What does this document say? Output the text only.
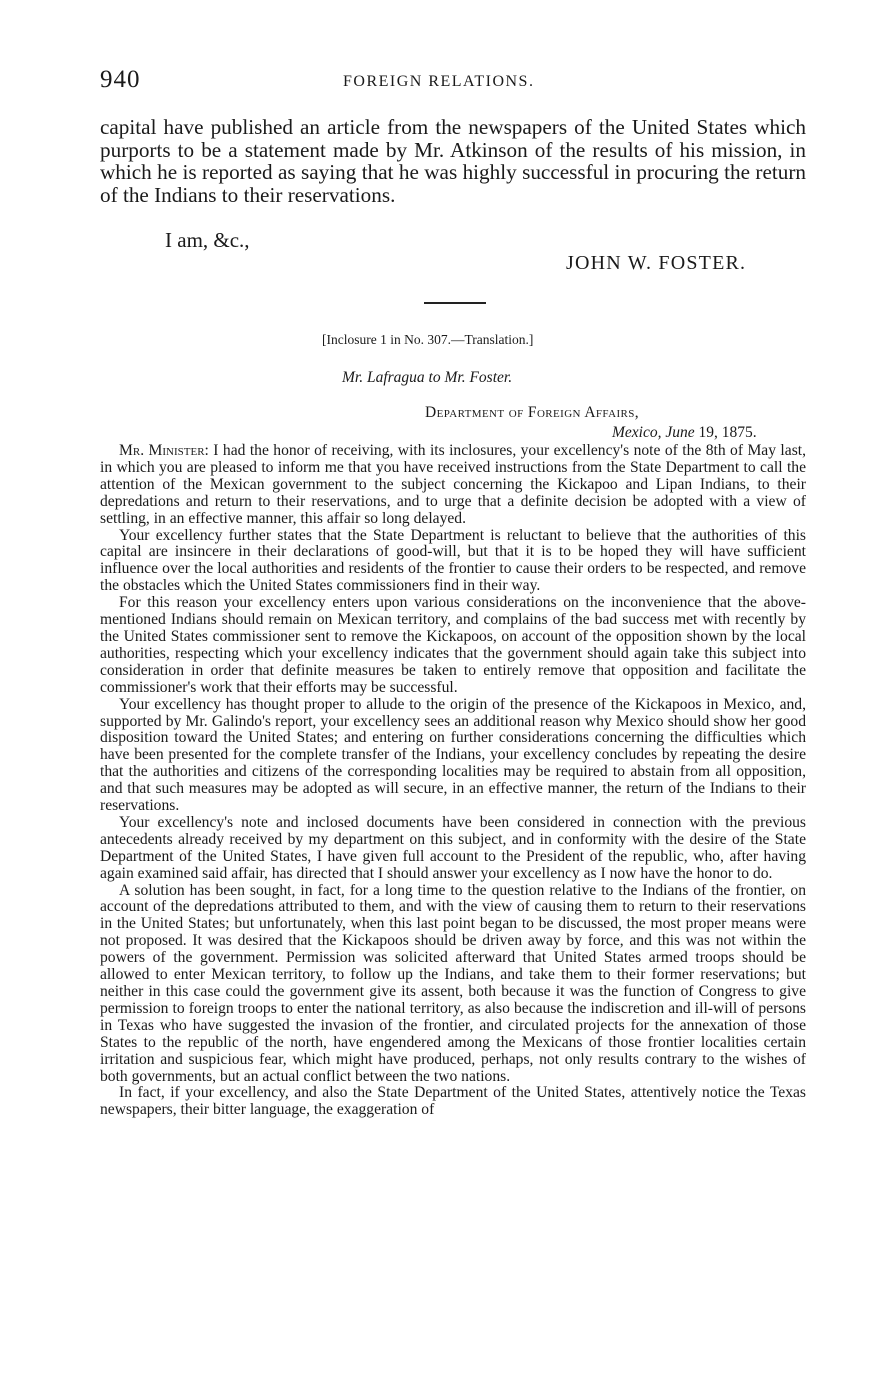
940	FOREIGN RELATIONS.

capital have published an article from the newspapers of the United States which purports to be a statement made by Mr. Atkinson of the results of his mission, in which he is reported as saying that he was highly successful in procuring the return of the Indians to their reservations.

I am, &c.,
JOHN W. FOSTER.
[Inclosure 1 in No. 307.—Translation.]
Mr. Lafragua to Mr. Foster.
Department of Foreign Affairs,
Mexico, June 19, 1875.

Mr. Minister: I had the honor of receiving, with its inclosures, your excellency's note of the 8th of May last, in which you are pleased to inform me that you have received instructions from the State Department to call the attention of the Mexican government to the subject concerning the Kickapoo and Lipan Indians, to their depredations and return to their reservations, and to urge that a definite decision be adopted with a view of settling, in an effective manner, this affair so long delayed.

Your excellency further states that the State Department is reluctant to believe that the authorities of this capital are insincere in their declarations of good-will, but that it is to be hoped they will have sufficient influence over the local authorities and residents of the frontier to cause their orders to be respected, and remove the obstacles which the United States commissioners find in their way.

For this reason your excellency enters upon various considerations on the inconvenience that the above-mentioned Indians should remain on Mexican territory, and complains of the bad success met with recently by the United States commissioner sent to remove the Kickapoos, on account of the opposition shown by the local authorities, respecting which your excellency indicates that the government should again take this subject into consideration in order that definite measures be taken to entirely remove that opposition and facilitate the commissioner's work that their efforts may be successful.

Your excellency has thought proper to allude to the origin of the presence of the Kickapoos in Mexico, and, supported by Mr. Galindo's report, your excellency sees an additional reason why Mexico should show her good disposition toward the United States; and entering on further considerations concerning the difficulties which have been presented for the complete transfer of the Indians, your excellency concludes by repeating the desire that the authorities and citizens of the corresponding localities may be required to abstain from all opposition, and that such measures may be adopted as will secure, in an effective manner, the return of the Indians to their reservations.

Your excellency's note and inclosed documents have been considered in connection with the previous antecedents already received by my department on this subject, and in conformity with the desire of the State Department of the United States, I have given full account to the President of the republic, who, after having again examined said affair, has directed that I should answer your excellency as I now have the honor to do.

A solution has been sought, in fact, for a long time to the question relative to the Indians of the frontier, on account of the depredations attributed to them, and with the view of causing them to return to their reservations in the United States; but unfortunately, when this last point began to be discussed, the most proper means were not proposed. It was desired that the Kickapoos should be driven away by force, and this was not within the powers of the government. Permission was solicited afterward that United States armed troops should be allowed to enter Mexican territory, to follow up the Indians, and take them to their former reservations; but neither in this case could the government give its assent, both because it was the function of Congress to give permission to foreign troops to enter the national territory, as also because the indiscretion and ill-will of persons in Texas who have suggested the invasion of the frontier, and circulated projects for the annexation of those States to the republic of the north, have engendered among the Mexicans of those frontier localities certain irritation and suspicious fear, which might have produced, perhaps, not only results contrary to the wishes of both governments, but an actual conflict between the two nations.

In fact, if your excellency, and also the State Department of the United States, attentively notice the Texas newspapers, their bitter language, the exaggeration of
